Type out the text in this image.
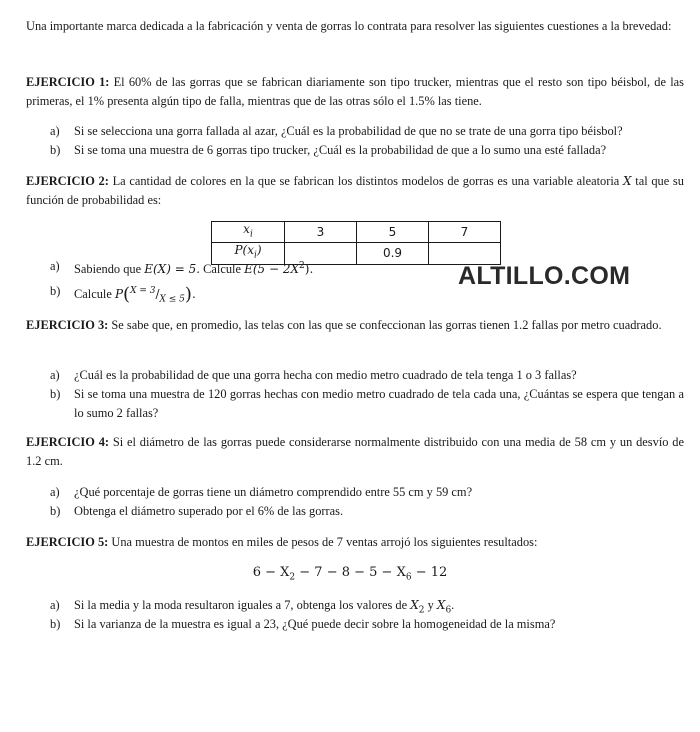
Una importante marca dedicada a la fabricación y venta de gorras lo contrata para resolver las siguientes cuestiones a la brevedad:

EJERCICIO 1: El 60% de las gorras que se fabrican diariamente son tipo trucker, mientras que el resto son tipo béisbol, de las primeras, el 1% presenta algún tipo de falla, mientras que de las otras sólo el 1.5% las tiene.

a)	Si se selecciona una gorra fallada al azar, ¿Cuál es la probabilidad de que no se trate de una gorra tipo béisbol?
b)	Si se toma una muestra de 6 gorras tipo trucker, ¿Cuál es la probabilidad de que a lo sumo una esté fallada?

EJERCICIO 2: La cantidad de colores en la que se fabrican los distintos modelos de gorras es una variable aleatoria X tal que su función de probabilidad es:

$x_i$	3	5	7
$P(x_i)$		0.9	
a)	Sabiendo que E(X) = 5. Calcule $E(5 - 2X^2)$.
b)	Calcule $P(^{X = 3}/_{X \le 5})$.
ALTILLO.COM

EJERCICIO 3: Se sabe que, en promedio, las telas con las que se confeccionan las gorras tienen 1.2 fallas por metro cuadrado.

a)	¿Cuál es la probabilidad de que una gorra hecha con medio metro cuadrado de tela tenga 1 o 3 fallas?
b)	Si se toma una muestra de 120 gorras hechas con medio metro cuadrado de tela cada una, ¿Cuántas se espera que tengan a lo sumo 2 fallas?

EJERCICIO 4: Si el diámetro de las gorras puede considerarse normalmente distribuido con una media de 58 cm y un desvío de 1.2 cm.

a)	¿Qué porcentaje de gorras tiene un diámetro comprendido entre 55 cm y 59 cm?
b)	Obtenga el diámetro superado por el 6% de las gorras.

EJERCICIO 5: Una muestra de montos en miles de pesos de 7 ventas arrojó los siguientes resultados:

$6 - X_2 - 7 - 8 - 5 - X_6 - 12$
a)	Si la media y la moda resultaron iguales a 7, obtenga los valores de $X_2$ y $X_6$.
b)	Si la varianza de la muestra es igual a 23, ¿Qué puede decir sobre la homogeneidad de la misma?
